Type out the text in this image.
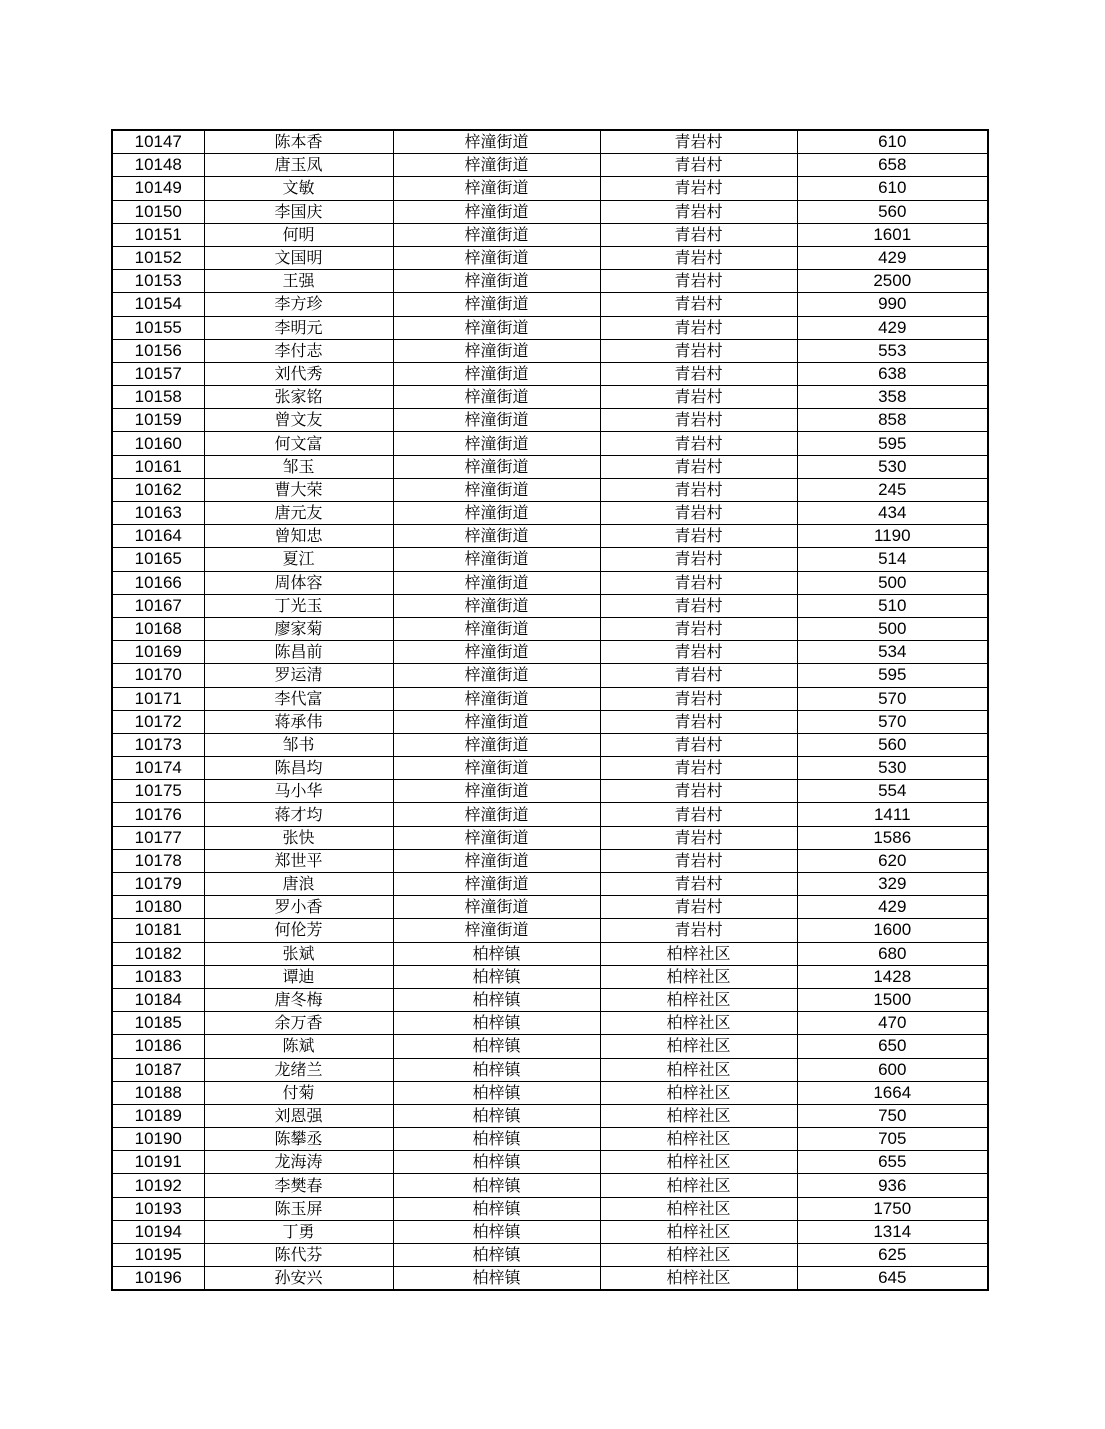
10147	陈本香	梓潼街道	青岩村	610
10148	唐玉凤	梓潼街道	青岩村	658
10149	文敏	梓潼街道	青岩村	610
10150	李国庆	梓潼街道	青岩村	560
10151	何明	梓潼街道	青岩村	1601
10152	文国明	梓潼街道	青岩村	429
10153	王强	梓潼街道	青岩村	2500
10154	李方珍	梓潼街道	青岩村	990
10155	李明元	梓潼街道	青岩村	429
10156	李付志	梓潼街道	青岩村	553
10157	刘代秀	梓潼街道	青岩村	638
10158	张家铭	梓潼街道	青岩村	358
10159	曾文友	梓潼街道	青岩村	858
10160	何文富	梓潼街道	青岩村	595
10161	邹玉	梓潼街道	青岩村	530
10162	曹大荣	梓潼街道	青岩村	245
10163	唐元友	梓潼街道	青岩村	434
10164	曾知忠	梓潼街道	青岩村	1190
10165	夏江	梓潼街道	青岩村	514
10166	周体容	梓潼街道	青岩村	500
10167	丁光玉	梓潼街道	青岩村	510
10168	廖家菊	梓潼街道	青岩村	500
10169	陈昌前	梓潼街道	青岩村	534
10170	罗运清	梓潼街道	青岩村	595
10171	李代富	梓潼街道	青岩村	570
10172	蒋承伟	梓潼街道	青岩村	570
10173	邹书	梓潼街道	青岩村	560
10174	陈昌均	梓潼街道	青岩村	530
10175	马小华	梓潼街道	青岩村	554
10176	蒋才均	梓潼街道	青岩村	1411
10177	张快	梓潼街道	青岩村	1586
10178	郑世平	梓潼街道	青岩村	620
10179	唐浪	梓潼街道	青岩村	329
10180	罗小香	梓潼街道	青岩村	429
10181	何伦芳	梓潼街道	青岩村	1600
10182	张斌	柏梓镇	柏梓社区	680
10183	谭迪	柏梓镇	柏梓社区	1428
10184	唐冬梅	柏梓镇	柏梓社区	1500
10185	余万香	柏梓镇	柏梓社区	470
10186	陈斌	柏梓镇	柏梓社区	650
10187	龙绪兰	柏梓镇	柏梓社区	600
10188	付菊	柏梓镇	柏梓社区	1664
10189	刘恩强	柏梓镇	柏梓社区	750
10190	陈攀丞	柏梓镇	柏梓社区	705
10191	龙海涛	柏梓镇	柏梓社区	655
10192	李樊春	柏梓镇	柏梓社区	936
10193	陈玉屏	柏梓镇	柏梓社区	1750
10194	丁勇	柏梓镇	柏梓社区	1314
10195	陈代芬	柏梓镇	柏梓社区	625
10196	孙安兴	柏梓镇	柏梓社区	645
